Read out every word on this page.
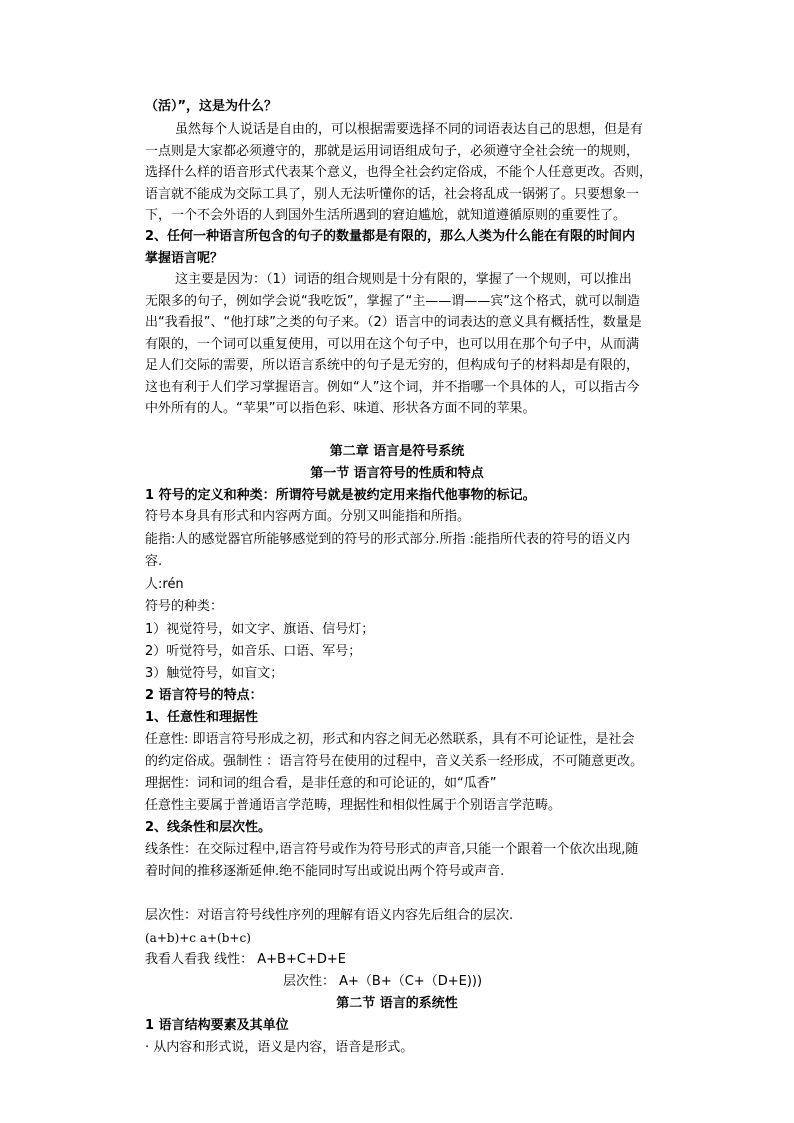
（活）”，这是为什么？
虽然每个人说话是自由的，可以根据需要选择不同的词语表达自己的思想，但是有
一点则是大家都必须遵守的，那就是运用词语组成句子，必须遵守全社会统一的规则，
选择什么样的语音形式代表某个意义，也得全社会约定俗成，不能个人任意更改。否则，
语言就不能成为交际工具了，别人无法听懂你的话，社会将乱成一锅粥了。只要想象一
下，一个不会外语的人到国外生活所遇到的窘迫尴尬，就知道遵循原则的重要性了。
2、任何一种语言所包含的句子的数量都是有限的，那么人类为什么能在有限的时间内
掌握语言呢？
这主要是因为：（1）词语的组合规则是十分有限的，掌握了一个规则，可以推出
无限多的句子，例如学会说“我吃饭”，掌握了“主——谓——宾”这个格式，就可以制造
出“我看报”、“他打球”之类的句子来。（2）语言中的词表达的意义具有概括性，数量是
有限的，一个词可以重复使用，可以用在这个句子中，也可以用在那个句子中，从而满
足人们交际的需要，所以语言系统中的句子是无穷的，但构成句子的材料却是有限的，
这也有利于人们学习掌握语言。例如“人”这个词，并不指哪一个具体的人，可以指古今
中外所有的人。“苹果”可以指色彩、味道、形状各方面不同的苹果。
第二章 语言是符号系统
第一节 语言符号的性质和特点
1 符号的定义和种类：所谓符号就是被约定用来指代他事物的标记。
符号本身具有形式和内容两方面。分别又叫能指和所指。
能指:人的感觉器官所能够感觉到的符号的形式部分.所指 :能指所代表的符号的语义内
容.
人:rén
符号的种类：
1）视觉符号，如文字、旗语、信号灯；
2）听觉符号，如音乐、口语、军号；
3）触觉符号，如盲文；
2 语言符号的特点：
1、任意性和理据性
任意性: 即语言符号形成之初，形式和内容之间无必然联系，具有不可论证性，是社会
的约定俗成。强制性 ：语言符号在使用的过程中，音义关系一经形成，不可随意更改。
理据性：词和词的组合看，是非任意的和可论证的，如“瓜香”
任意性主要属于普通语言学范畴，理据性和相似性属于个别语言学范畴。
2、线条性和层次性。
线条性：在交际过程中,语言符号或作为符号形式的声音,只能一个跟着一个依次出现,随
着时间的推移逐渐延伸.绝不能同时写出或说出两个符号或声音.
层次性：对语言符号线性序列的理解有语义内容先后组合的层次.
(a+b)+c a+(b+c)
我看人看我 线性： A+B+C+D+E
层次性： A+（B+（C+（D+E)))
第二节 语言的系统性
1 语言结构要素及其单位
· 从内容和形式说，语义是内容，语音是形式。
